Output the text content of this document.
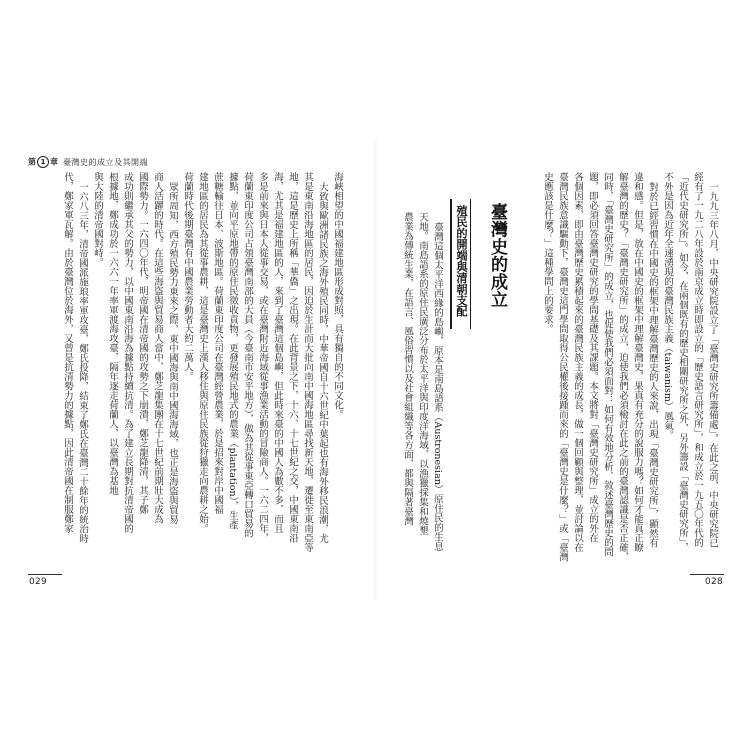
第 1 章 臺灣史的成立及其開端
臺灣史的成立
殖民的開端與清朝支配
029	028
一九九三年八月，中央研究院設立了「臺灣史研究所籌備處」，在此之前，中央研究院已
經有了一九二八年設於南京成立時即設立的「歷史語言研究所」，和成立於一九五〇年代的
「近代史研究所」。如今，在兩個既有的歷史相關研究所之外，另外籌設「臺灣史研究所」，
不外是因為近年全速湧現的臺灣民族主義（taiwanism）風氣。
對於已經習慣在中國史的框架中理解臺灣歷史的人來說，出現「臺灣史研究所」，顯然有
違和感。但是，放在中國史的框架中理解臺灣史，果真有充分的說服力嗎？如何才能真正瞭
解臺灣的歷史？「臺灣史研究所」的成立，迫使我們必須檢討在此之前的臺灣認識是否正確，
同時，「臺灣史研究所」的成立，也促使我們必須面對：如何有效地分析、敘述臺灣歷史的問
題，即必須回答臺灣史研究的學問基礎及其課題。本文將對「臺灣史研究所」成立的外在
各個因素，即由臺灣歷史累積起來的臺灣民族主義的成長，做一個回顧與整理，並討論以在
臺灣民族意識驅動下，臺灣史這門學問取得公民權後接踵而來的「臺灣史是什麼？」或「臺灣
史應該是什麼？」這種學問上的要求。
臺灣這個太平洋西緣的島嶼，原本是南島語系（Austronesian）原住民的生息
天地。南島語系的原住民廣泛分布於太平洋與印度洋海域，以漁獵採集和燒墾
農業為傳統生業，在語言、風俗習慣以及社會組織等各方面，都與隔著臺灣
海峽相望的中國福建地區形成對照，具有獨自的不同文化。
大致與歐洲諸民族之海外殖民同時，中華帝國自十六世紀中葉起也有海外移民浪潮，尤
其是東南沿海地區的居民，因迫於生計而大批向南中國海地區尋找新天地，遷徙至東南亞等
地，這是歷史上所稱「華僑」之出現。在此背景之下，十六、十七世紀之交，中國東南沿
海，尤其是福建地區的人，來到了臺灣這個島嶼，但此時來臺的中國人為數不多，而且
多是前來與日本人從事交易，或在臺灣附近海域從事漁業活動的冒險商人。一六二四年，
荷蘭東印度公司占領臺灣南部的大員（今臺南市安平地方），做為其從事東亞轉口貿易的
據點，並向平原地帶的原住民徵收貢物，更發展殖民地式的農業（plantation），生產
蔗糖輸往日本、波斯地區。荷蘭東印度公司在臺灣經營農業，於是招來對岸中國福
建地區的居民為其從事農耕，這是臺灣史上漢人移住與原住民族從狩獵走向農耕之始。
荷蘭時代後期臺灣有中國農業勞動者大約二萬人。
眾所周知，西方殖民勢力東來之際，東中國海與南中國海海域，也正是海盜與貿易
商人活躍的時代。在這些海盜與貿易商人當中，鄭芝龍集團在十七世紀前期壯大成為
國際勢力。一六四〇年代，明帝國在清帝國的攻勢之下崩潰，鄭芝龍降清，其子鄭
成功則繼承其父的勢力，以中國東南沿海為據點持續抗清。為了建立長期對抗清帝國的
根據地，鄭成功於一六六一年率軍渡海攻臺，隔年逐走荷蘭人，以臺灣為基地
與大陸的清帝國對峙。
一六八三年，清帝國派施琅率軍攻臺，鄭氏投降，結束了鄭氏在臺灣二十餘年的統治時
代，鄭家軍瓦解。由於臺灣位於海外，又曾是抗清勢力的據點，因此清帝國在制服鄭家
